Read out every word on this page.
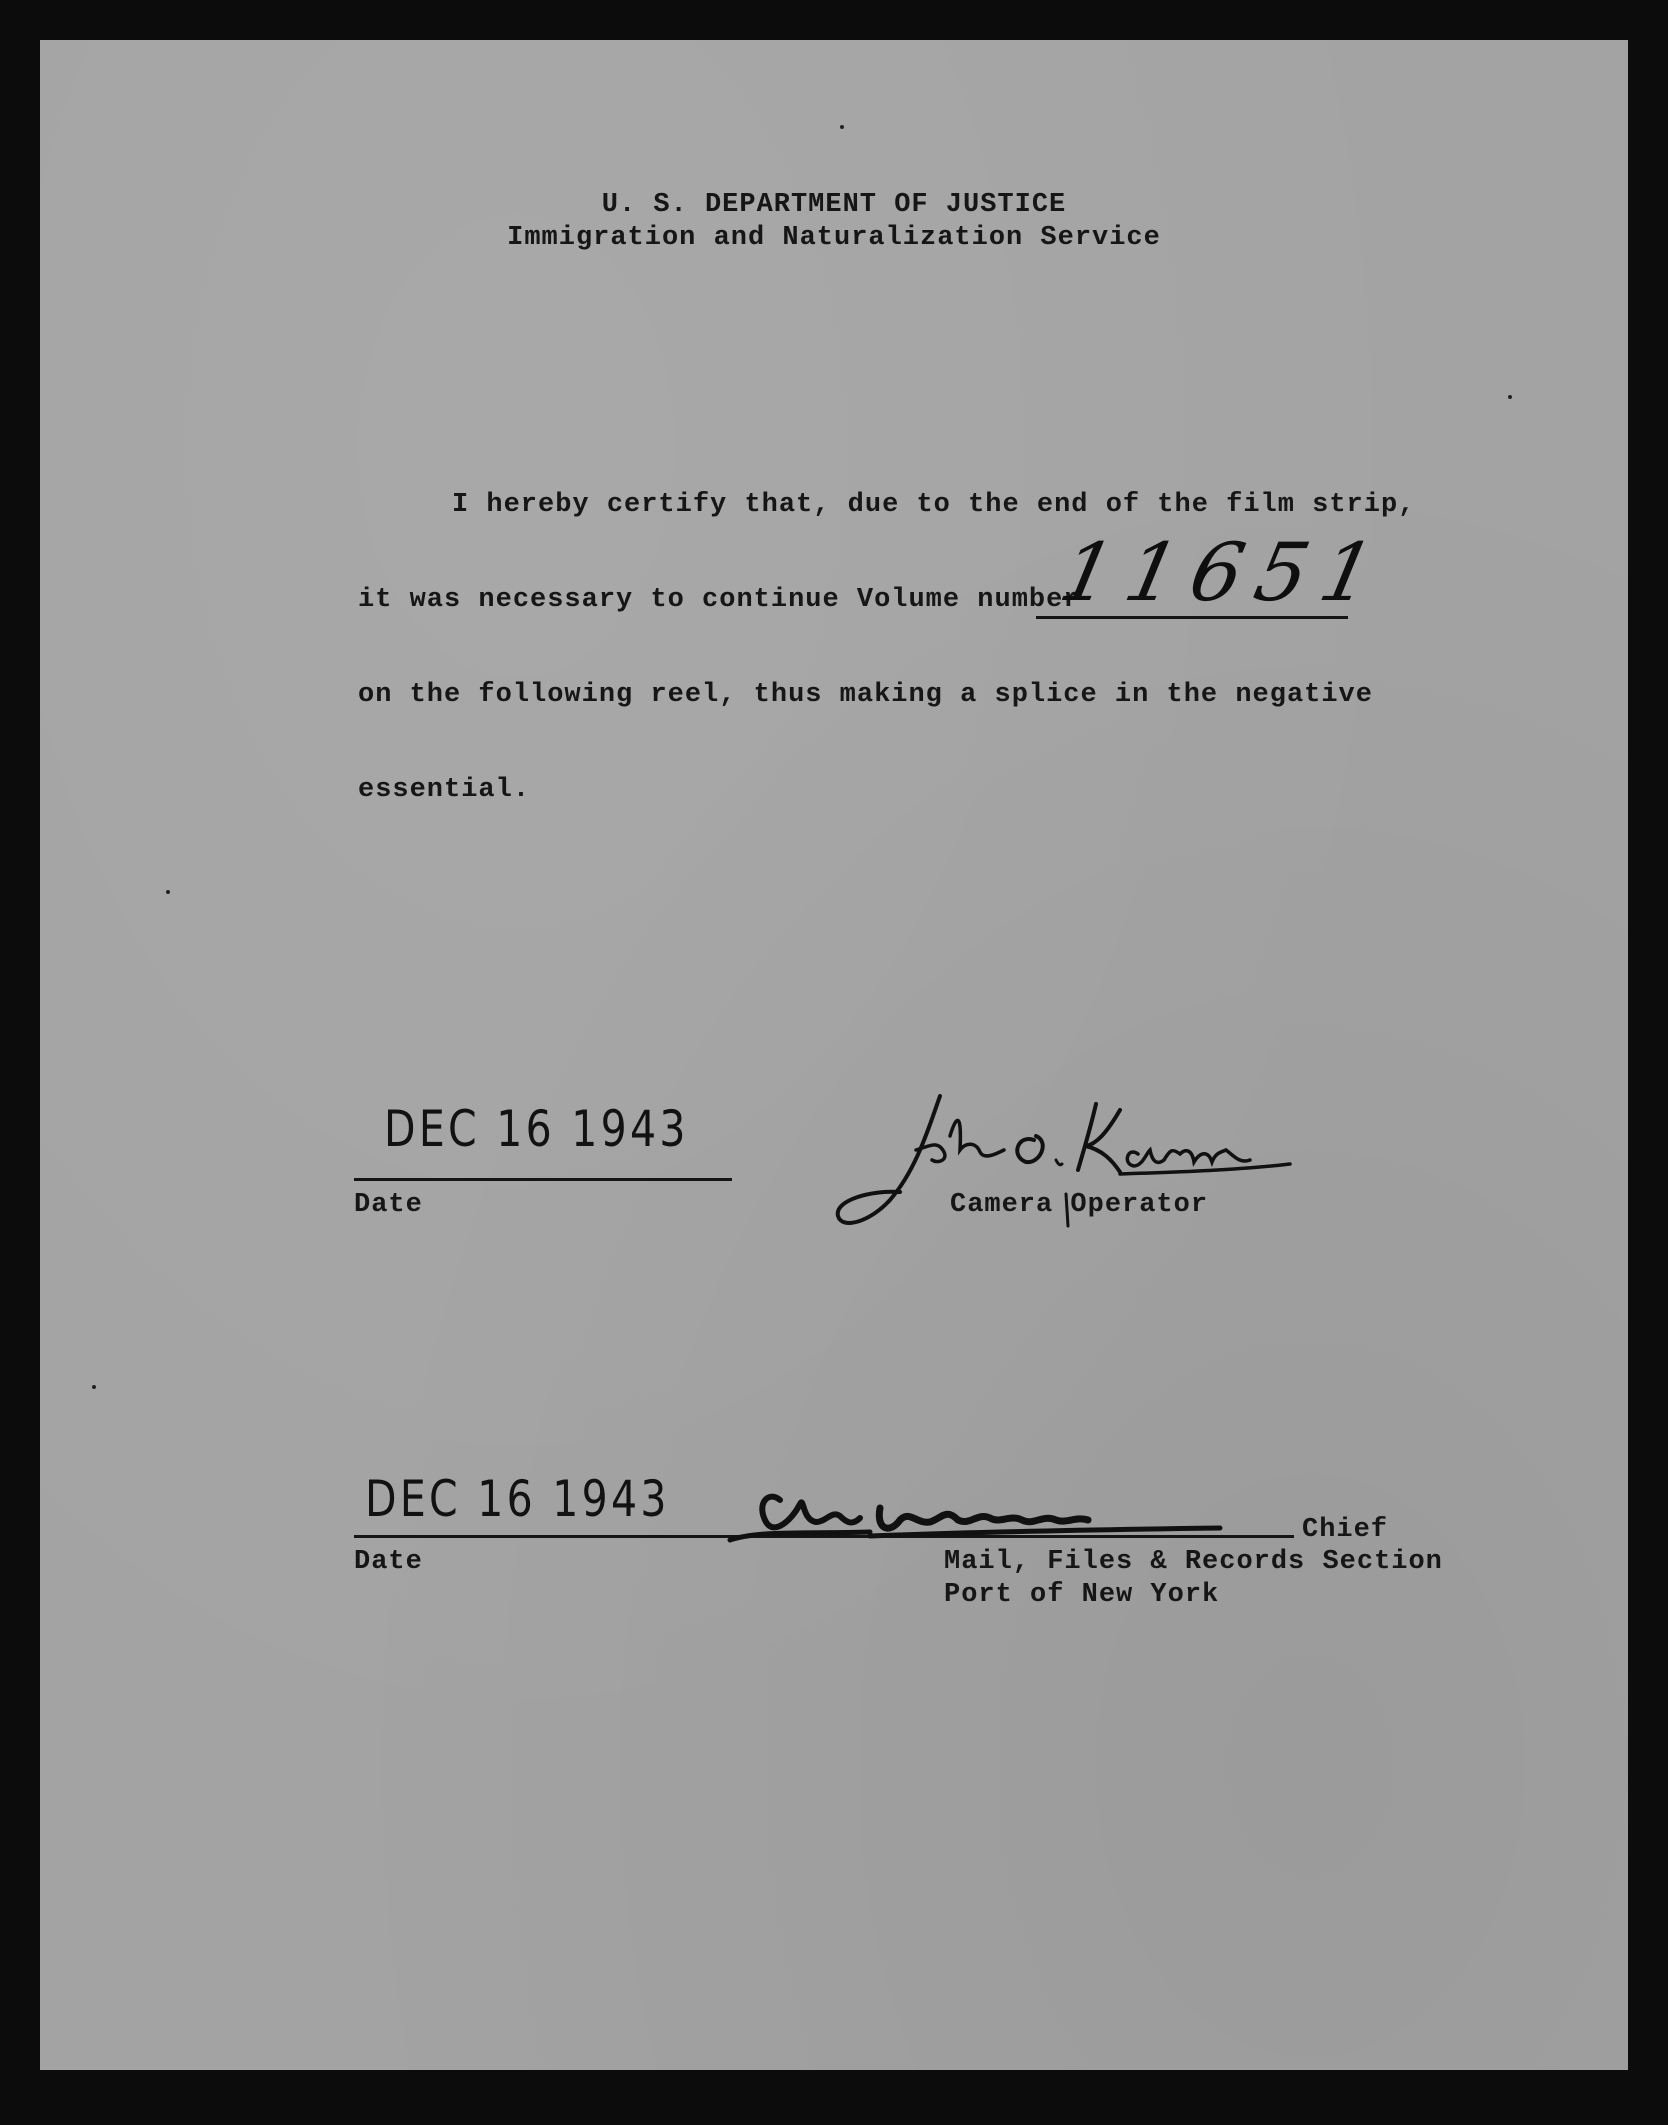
U. S. DEPARTMENT OF JUSTICE
Immigration and Naturalization Service
I hereby certify that, due to the end of the film strip,
it was necessary to continue Volume number
11651
on the following reel, thus making a splice in the negative
essential.
DEC 16 1943
Date	Camera Operator
DEC 16 1943
Date
Chief
Mail, Files & Records Section
Port of New York
